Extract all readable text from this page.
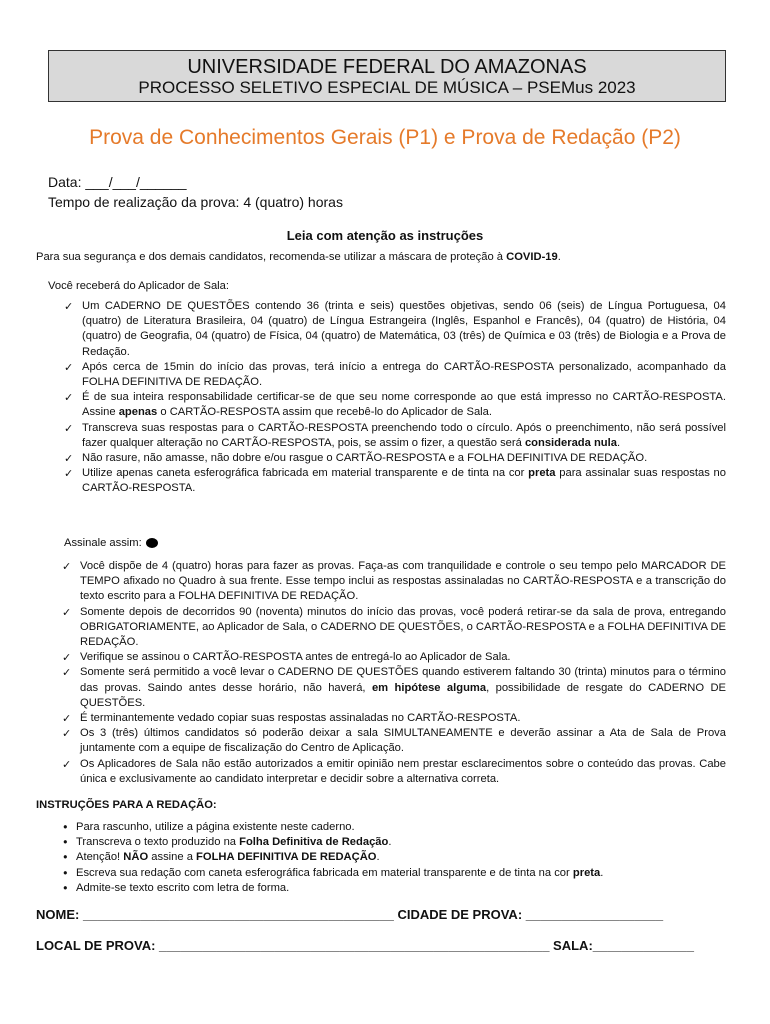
UNIVERSIDADE FEDERAL DO AMAZONAS
PROCESSO SELETIVO ESPECIAL DE MÚSICA – PSEMus 2023
Prova de Conhecimentos Gerais (P1) e Prova de Redação (P2)
Data: ___/___/______
Tempo de realização da prova: 4 (quatro) horas
Leia com atenção as instruções
Para sua segurança e dos demais candidatos, recomenda-se utilizar a máscara de proteção à COVID-19.
Você receberá do Aplicador de Sala:
✓ Um CADERNO DE QUESTÕES contendo 36 (trinta e seis) questões objetivas, sendo 06 (seis) de Língua Portuguesa, 04 (quatro) de Literatura Brasileira, 04 (quatro) de Língua Estrangeira (Inglês, Espanhol e Francês), 04 (quatro) de História, 04 (quatro) de Geografia, 04 (quatro) de Física, 04 (quatro) de Matemática, 03 (três) de Química e 03 (três) de Biologia e a Prova de Redação.
✓ Após cerca de 15min do início das provas, terá início a entrega do CARTÃO-RESPOSTA personalizado, acompanhado da FOLHA DEFINITIVA DE REDAÇÃO.
✓ É de sua inteira responsabilidade certificar-se de que seu nome corresponde ao que está impresso no CARTÃO-RESPOSTA. Assine apenas o CARTÃO-RESPOSTA assim que recebê-lo do Aplicador de Sala.
✓ Transcreva suas respostas para o CARTÃO-RESPOSTA preenchendo todo o círculo. Após o preenchimento, não será possível fazer qualquer alteração no CARTÃO-RESPOSTA, pois, se assim o fizer, a questão será considerada nula.
✓ Não rasure, não amasse, não dobre e/ou rasgue o CARTÃO-RESPOSTA e a FOLHA DEFINITIVA DE REDAÇÃO.
✓ Utilize apenas caneta esferográfica fabricada em material transparente e de tinta na cor preta para assinalar suas respostas no CARTÃO-RESPOSTA.
Assinale assim:
✓ Você dispõe de 4 (quatro) horas para fazer as provas. Faça-as com tranquilidade e controle o seu tempo pelo MARCADOR DE TEMPO afixado no Quadro à sua frente. Esse tempo inclui as respostas assinaladas no CARTÃO-RESPOSTA e a transcrição do texto escrito para a FOLHA DEFINITIVA DE REDAÇÃO.
✓ Somente depois de decorridos 90 (noventa) minutos do início das provas, você poderá retirar-se da sala de prova, entregando OBRIGATORIAMENTE, ao Aplicador de Sala, o CADERNO DE QUESTÕES, o CARTÃO-RESPOSTA e a FOLHA DEFINITIVA DE REDAÇÃO.
✓ Verifique se assinou o CARTÃO-RESPOSTA antes de entregá-lo ao Aplicador de Sala.
✓ Somente será permitido a você levar o CADERNO DE QUESTÕES quando estiverem faltando 30 (trinta) minutos para o término das provas. Saindo antes desse horário, não haverá, em hipótese alguma, possibilidade de resgate do CADERNO DE QUESTÕES.
✓ É terminantemente vedado copiar suas respostas assinaladas no CARTÃO-RESPOSTA.
✓ Os 3 (três) últimos candidatos só poderão deixar a sala SIMULTANEAMENTE e deverão assinar a Ata de Sala de Prova juntamente com a equipe de fiscalização do Centro de Aplicação.
✓ Os Aplicadores de Sala não estão autorizados a emitir opinião nem prestar esclarecimentos sobre o conteúdo das provas. Cabe única e exclusivamente ao candidato interpretar e decidir sobre a alternativa correta.
INSTRUÇÕES PARA A REDAÇÃO:
• Para rascunho, utilize a página existente neste caderno.
• Transcreva o texto produzido na Folha Definitiva de Redação.
• Atenção! NÃO assine a FOLHA DEFINITIVA DE REDAÇÃO.
• Escreva sua redação com caneta esferográfica fabricada em material transparente e de tinta na cor preta.
• Admite-se texto escrito com letra de forma.
NOME: ___________________________________________ CIDADE DE PROVA: ___________________
LOCAL DE PROVA: ______________________________________________________ SALA:______________
